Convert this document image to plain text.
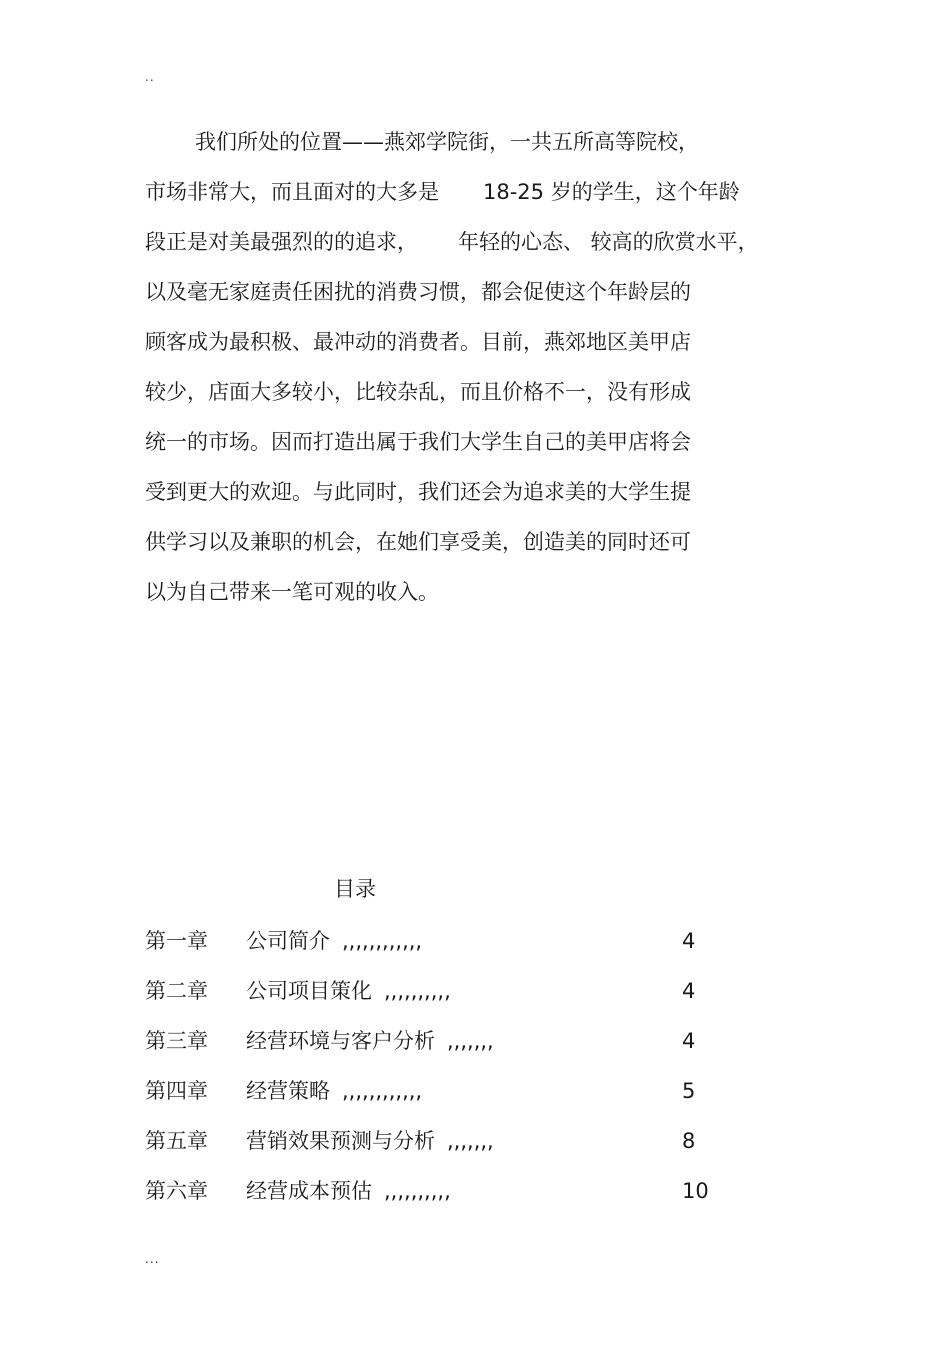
..
我们所处的位置——燕郊学院街，一共五所高等院校，
市场非常大，而且面对的大多是 18-25 岁的学生，这个年龄
段正是对美最强烈的的追求， 年轻的心态、 较高的欣赏水平，
以及毫无家庭责任困扰的消费习惯，都会促使这个年龄层的
顾客成为最积极、最冲动的消费者。目前，燕郊地区美甲店
较少，店面大多较小，比较杂乱，而且价格不一，没有形成
统一的市场。因而打造出属于我们大学生自己的美甲店将会
受到更大的欢迎。与此同时，我们还会为追求美的大学生提
供学习以及兼职的机会，在她们享受美，创造美的同时还可
以为自己带来一笔可观的收入。
目录
第一章 公司简介 ,,,,,,,,,,,,	4
第二章 公司项目策化 ,,,,,,,,,,	4
第三章 经营环境与客户分析 ,,,,,,,	4
第四章 经营策略 ,,,,,,,,,,,,	5
第五章 营销效果预测与分析 ,,,,,,,	8
第六章 经营成本预估 ,,,,,,,,,,	10
...
